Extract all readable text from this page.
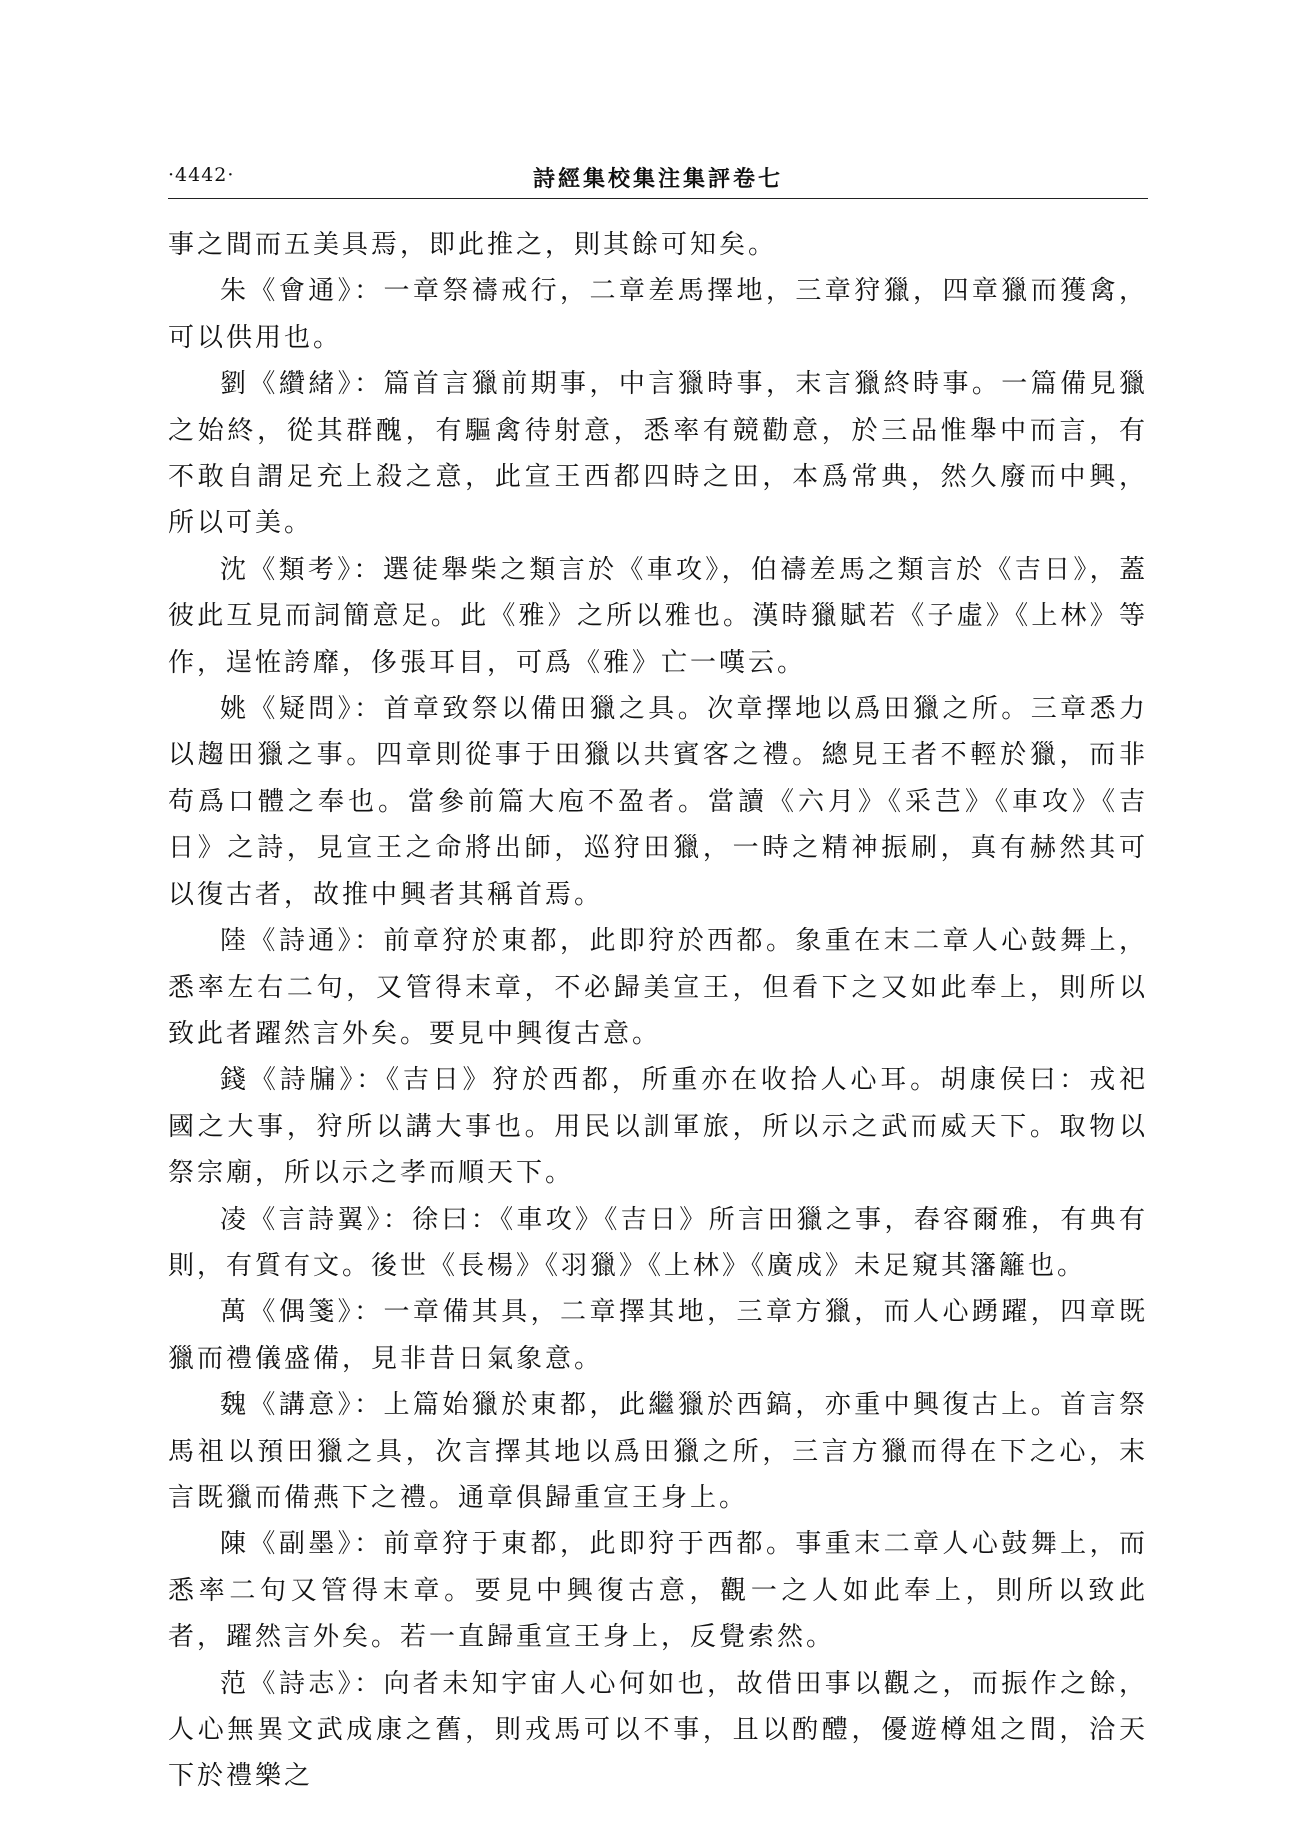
·4442·	詩經集校集注集評卷七

事之間而五美具焉，即此推之，則其餘可知矣。

朱《會通》：一章祭禱戒行，二章差馬擇地，三章狩獵，四章獵而獲禽，可以供用也。

劉《纘緒》：篇首言獵前期事，中言獵時事，末言獵終時事。一篇備見獵之始終，從其群醜，有驅禽待射意，悉率有競勸意，於三品惟舉中而言，有不敢自謂足充上殺之意，此宣王西都四時之田，本爲常典，然久廢而中興，所以可美。

沈《類考》：選徒舉柴之類言於《車攻》，伯禱差馬之類言於《吉日》，蓋彼此互見而詞簡意足。此《雅》之所以雅也。漢時獵賦若《子虛》《上林》等作，逞恠誇靡，侈張耳目，可爲《雅》亡一嘆云。

姚《疑問》：首章致祭以備田獵之具。次章擇地以爲田獵之所。三章悉力以趨田獵之事。四章則從事于田獵以共賓客之禮。總見王者不輕於獵，而非苟爲口體之奉也。當參前篇大庖不盈者。當讀《六月》《采芑》《車攻》《吉日》之詩，見宣王之命將出師，巡狩田獵，一時之精神振刷，真有赫然其可以復古者，故推中興者其稱首焉。

陸《詩通》：前章狩於東都，此即狩於西都。象重在末二章人心鼓舞上，悉率左右二句，又管得末章，不必歸美宣王，但看下之又如此奉上，則所以致此者躍然言外矣。要見中興復古意。

錢《詩牖》：《吉日》狩於西都，所重亦在收拾人心耳。胡康侯曰：戎祀國之大事，狩所以講大事也。用民以訓軍旅，所以示之武而威天下。取物以祭宗廟，所以示之孝而順天下。

凌《言詩翼》：徐曰：《車攻》《吉日》所言田獵之事，舂容爾雅，有典有則，有質有文。後世《長楊》《羽獵》《上林》《廣成》未足窺其籓籬也。

萬《偶箋》：一章備其具，二章擇其地，三章方獵，而人心踴躍，四章既獵而禮儀盛備，見非昔日氣象意。

魏《講意》：上篇始獵於東都，此繼獵於西鎬，亦重中興復古上。首言祭馬祖以預田獵之具，次言擇其地以爲田獵之所，三言方獵而得在下之心，末言既獵而備燕下之禮。通章俱歸重宣王身上。

陳《副墨》：前章狩于東都，此即狩于西都。事重末二章人心鼓舞上，而悉率二句又管得末章。要見中興復古意，觀一之人如此奉上，則所以致此者，躍然言外矣。若一直歸重宣王身上，反覺索然。

范《詩志》：向者未知宇宙人心何如也，故借田事以觀之，而振作之餘，人心無異文武成康之舊，則戎馬可以不事，且以酌醴，優遊樽俎之間，洽天下於禮樂之
